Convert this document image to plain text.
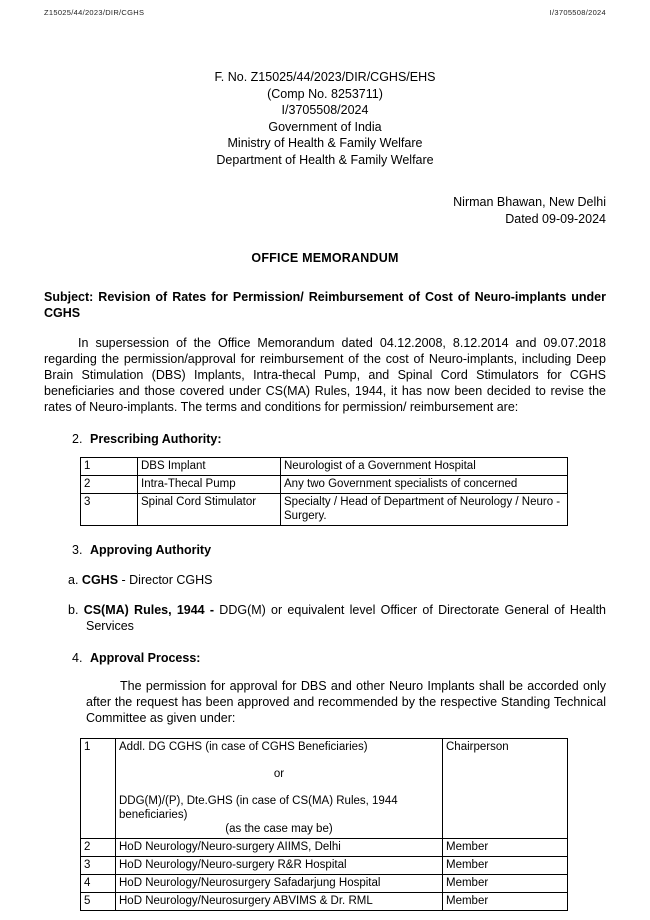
Z15025/44/2023/DIR/CGHS	I/3705508/2024
F. No. Z15025/44/2023/DIR/CGHS/EHS
(Comp No. 8253711)
I/3705508/2024
Government of India
Ministry of Health & Family Welfare
Department of Health & Family Welfare
Nirman Bhawan, New Delhi
Dated 09-09-2024
OFFICE MEMORANDUM
Subject: Revision of Rates for Permission/ Reimbursement of Cost of Neuro-implants under CGHS
In supersession of the Office Memorandum dated 04.12.2008, 8.12.2014 and 09.07.2018 regarding the permission/approval for reimbursement of the cost of Neuro-implants, including Deep Brain Stimulation (DBS) Implants, Intra-thecal Pump, and Spinal Cord Stimulators for CGHS beneficiaries and those covered under CS(MA) Rules, 1944, it has now been decided to revise the rates of Neuro-implants. The terms and conditions for permission/ reimbursement are:
2. Prescribing Authority:
1	DBS Implant	Neurologist of a Government Hospital
2	Intra-Thecal Pump	Any two Government specialists of concerned
3	Spinal Cord Stimulator	Specialty / Head of Department of Neurology / Neuro - Surgery.
3. Approving Authority
a. CGHS - Director CGHS
b. CS(MA) Rules, 1944 - DDG(M) or equivalent level Officer of Directorate General of Health Services
4. Approval Process:
The permission for approval for DBS and other Neuro Implants shall be accorded only after the request has been approved and recommended by the respective Standing Technical Committee as given under:
1	Addl. DG CGHS (in case of CGHS Beneficiaries)
or
DDG(M)/(P), Dte.GHS (in case of CS(MA) Rules, 1944 beneficiaries)
(as the case may be)	Chairperson
2	HoD Neurology/Neuro-surgery AIIMS, Delhi	Member
3	HoD Neurology/Neuro-surgery R&R Hospital	Member
4	HoD Neurology/Neurosurgery Safadarjung Hospital	Member
5	HoD Neurology/Neurosurgery ABVIMS & Dr. RML	Member
